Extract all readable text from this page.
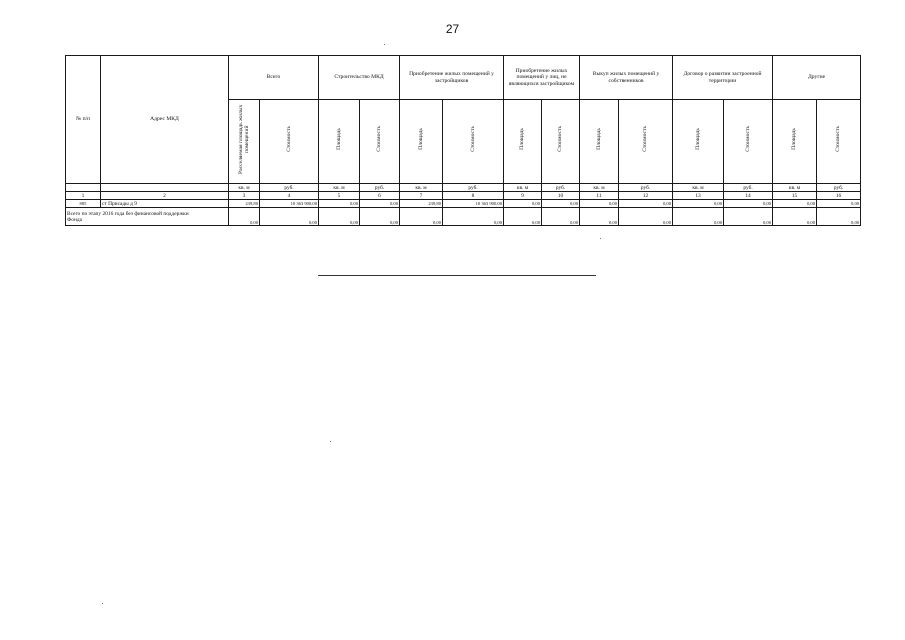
27
№ п/п	Адрес МКД	Всего		Строительство МКД		Приобретение жилых помещений у застройщиков		Приобретение жилых помещений у лиц, не являющихся застройщиком		Выкуп жилых помещений у собственников		Договор о развитии застроенной территории		Другие	
		Расселяемая площадь жилых помещений	Стоимость	Площадь	Стоимость	Площадь	Стоимость	Площадь	Стоимость	Площадь	Стоимость	Площадь	Стоимость	Площадь	Стоимость
		кв. м	руб.	кв. м	руб.	кв. м	руб.	кв. м	руб.	кв. м	руб.	кв. м	руб.	кв. м	руб.
1	2	3	4	5	6	7	8	9	10	11	12	13	14	15	16
885	ст Присады д 9	239,80	10 363 900,00	0,00	0,00	239,80	10 363 900,00	0,00	0,00	0,00	0,00	0,00	0,00	0,00	0,00

Всего по этапу 2016 года без финансовой поддержки
Фонда		0,00	0,00	0,00	0,00	0,00	0,00	0,00	0,00	0,00	0,00	0,00	0,00	0,00	0,00
